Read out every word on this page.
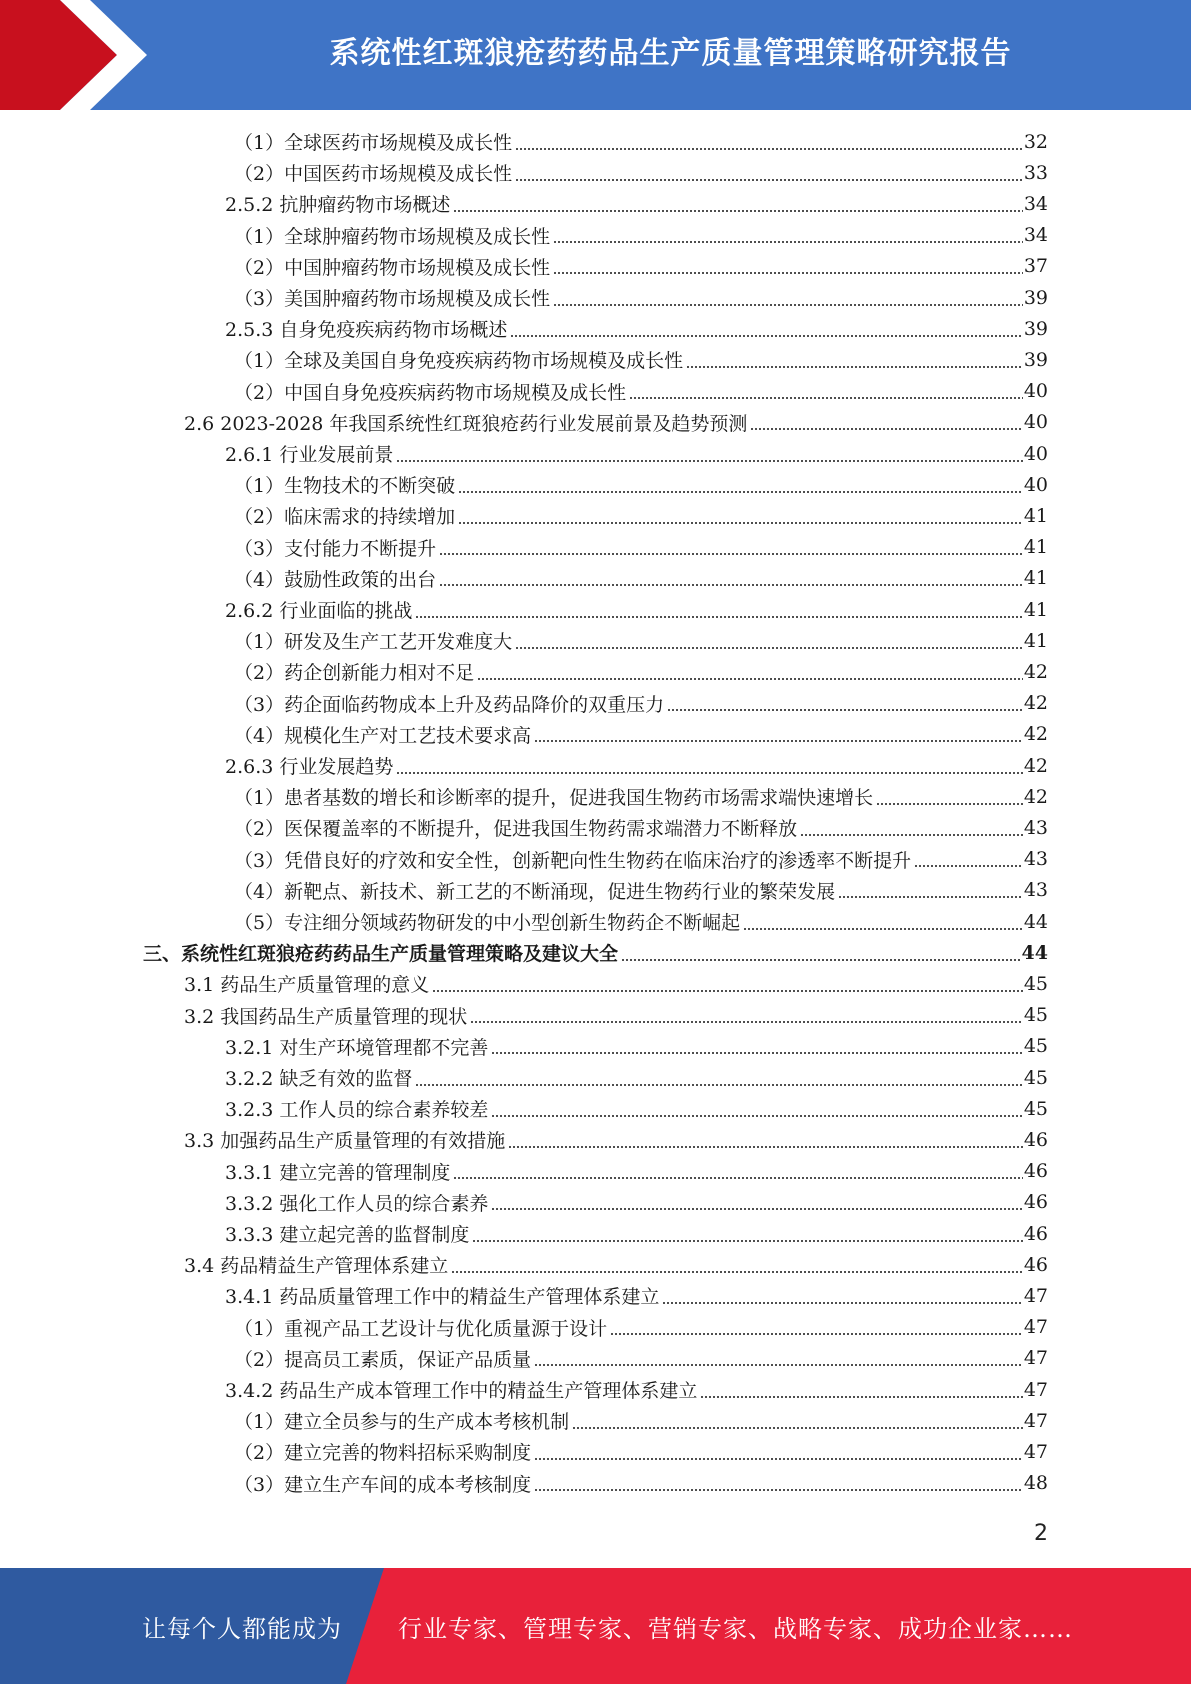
系统性红斑狼疮药药品生产质量管理策略研究报告
（1）全球医药市场规模及成长性	32
（2）中国医药市场规模及成长性	33
2.5.2 抗肿瘤药物市场概述	34
（1）全球肿瘤药物市场规模及成长性	34
（2）中国肿瘤药物市场规模及成长性	37
（3）美国肿瘤药物市场规模及成长性	39
2.5.3 自身免疫疾病药物市场概述	39
（1）全球及美国自身免疫疾病药物市场规模及成长性	39
（2）中国自身免疫疾病药物市场规模及成长性	40
2.6 2023-2028 年我国系统性红斑狼疮药行业发展前景及趋势预测	40
2.6.1 行业发展前景	40
（1）生物技术的不断突破	40
（2）临床需求的持续增加	41
（3）支付能力不断提升	41
（4）鼓励性政策的出台	41
2.6.2 行业面临的挑战	41
（1）研发及生产工艺开发难度大	41
（2）药企创新能力相对不足	42
（3）药企面临药物成本上升及药品降价的双重压力	42
（4）规模化生产对工艺技术要求高	42
2.6.3 行业发展趋势	42
（1）患者基数的增长和诊断率的提升，促进我国生物药市场需求端快速增长	42
（2）医保覆盖率的不断提升，促进我国生物药需求端潜力不断释放	43
（3）凭借良好的疗效和安全性，创新靶向性生物药在临床治疗的渗透率不断提升	43
（4）新靶点、新技术、新工艺的不断涌现，促进生物药行业的繁荣发展	43
（5）专注细分领域药物研发的中小型创新生物药企不断崛起	44
三、系统性红斑狼疮药药品生产质量管理策略及建议大全	44
3.1 药品生产质量管理的意义	45
3.2 我国药品生产质量管理的现状	45
3.2.1 对生产环境管理都不完善	45
3.2.2 缺乏有效的监督	45
3.2.3 工作人员的综合素养较差	45
3.3 加强药品生产质量管理的有效措施	46
3.3.1 建立完善的管理制度	46
3.3.2 强化工作人员的综合素养	46
3.3.3 建立起完善的监督制度	46
3.4 药品精益生产管理体系建立	46
3.4.1 药品质量管理工作中的精益生产管理体系建立	47
（1）重视产品工艺设计与优化质量源于设计	47
（2）提高员工素质，保证产品质量	47
3.4.2 药品生产成本管理工作中的精益生产管理体系建立	47
（1）建立全员参与的生产成本考核机制	47
（2）建立完善的物料招标采购制度	47
（3）建立生产车间的成本考核制度	48
2
让每个人都能成为 行业专家、管理专家、营销专家、战略专家、成功企业家……
